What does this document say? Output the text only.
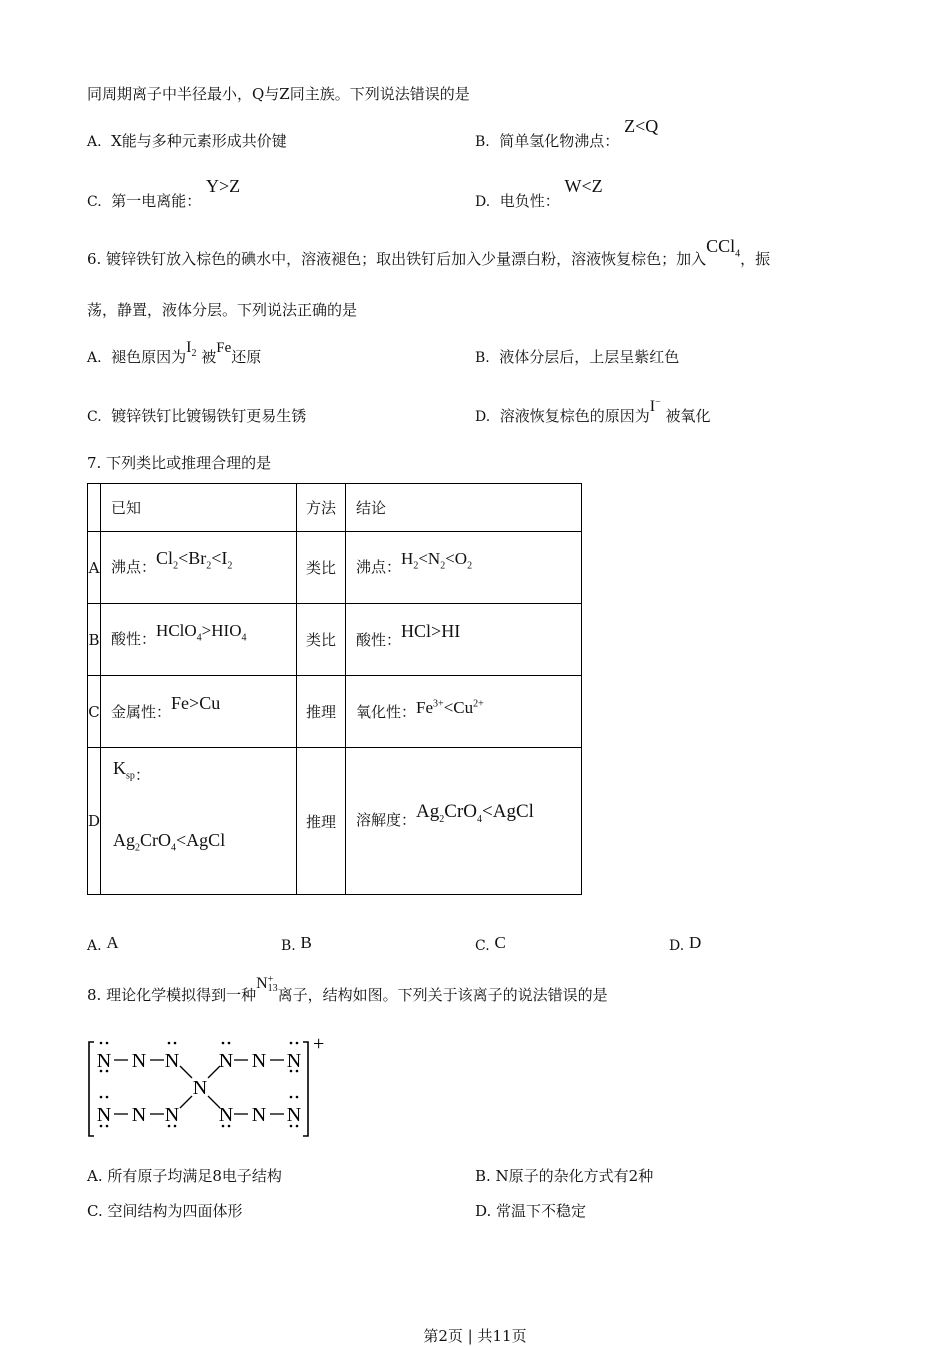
同周期离子中半径最小，Q与Z同主族。下列说法错误的是
A. X能与多种元素形成共价键	B. 简单氢化物沸点： Z<Q
C. 第一电离能： Y>Z
D. 电负性： W<Z
6. 镀锌铁钉放入棕色的碘水中，溶液褪色；取出铁钉后加入少量漂白粉，溶液恢复棕色；加入CCl$_4$，振
荡，静置，液体分层。下列说法正确的是
A. 褪色原因为$I_2$ 被Fe还原	B. 液体分层后，上层呈紫红色
C. 镀锌铁钉比镀锡铁钉更易生锈	D. 溶液恢复棕色的原因为I− 被氧化
7. 下列类比或推理合理的是
	已知	方法	结论
A	沸点：$Cl_2<Br_2<I_2$	类比	沸点：$H_2<N_2<O_2$
B	酸性：$HClO_4>HIO_4$	类比	酸性：HCl>HI
C	金属性：Fe>Cu	推理	氧化性：$Fe^{3+}<Cu^{2+}$
D	$K_{sp}$：
$Ag_2CrO_4<AgCl$	推理	溶解度：$Ag_2CrO_4<AgCl$
A. A	B. B	C. C	D. D
8. 理论化学模拟得到一种N +
13 离子，结构如图。下列关于该离子的说法错误的是
+
N N N N N N
N
N N N N N N
A. 所有原子均满足8电子结构	B. N原子的杂化方式有2种
C. 空间结构为四面体形	D. 常温下不稳定
第2页 | 共11页
